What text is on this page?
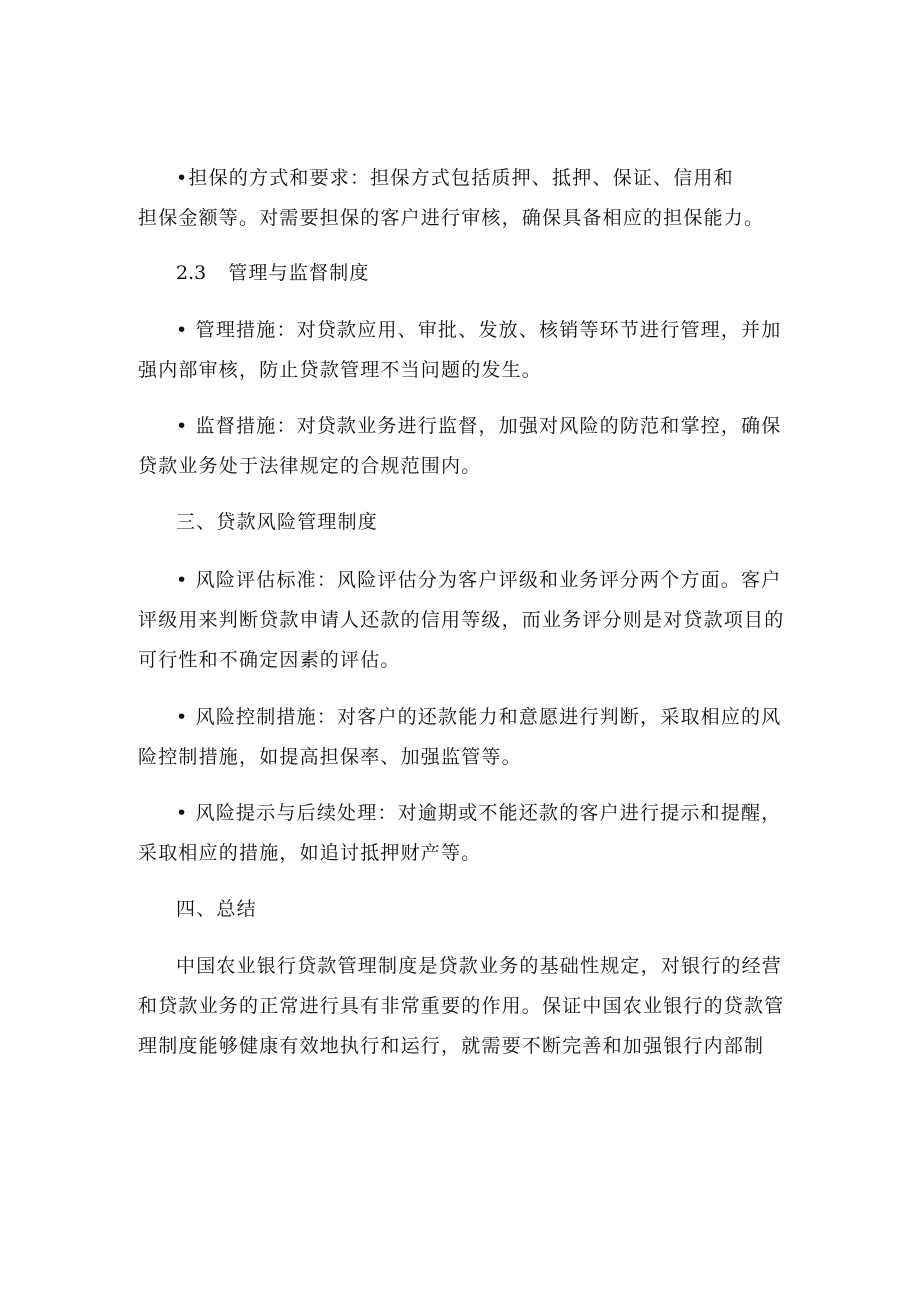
•担保的方式和要求：担保方式包括质押、抵押、保证、信用和
担保金额等。对需要担保的客户进行审核，确保具备相应的担保能力。

2.3 管理与监督制度

• 管理措施：对贷款应用、审批、发放、核销等环节进行管理，并加
强内部审核，防止贷款管理不当问题的发生。

• 监督措施：对贷款业务进行监督，加强对风险的防范和掌控，确保
贷款业务处于法律规定的合规范围内。

三、贷款风险管理制度

• 风险评估标准：风险评估分为客户评级和业务评分两个方面。客户
评级用来判断贷款申请人还款的信用等级，而业务评分则是对贷款项目的
可行性和不确定因素的评估。

• 风险控制措施：对客户的还款能力和意愿进行判断，采取相应的风
险控制措施，如提高担保率、加强监管等。

• 风险提示与后续处理：对逾期或不能还款的客户进行提示和提醒，
采取相应的措施，如追讨抵押财产等。

四、总结

中国农业银行贷款管理制度是贷款业务的基础性规定，对银行的经营
和贷款业务的正常进行具有非常重要的作用。保证中国农业银行的贷款管
理制度能够健康有效地执行和运行，就需要不断完善和加强银行内部制
